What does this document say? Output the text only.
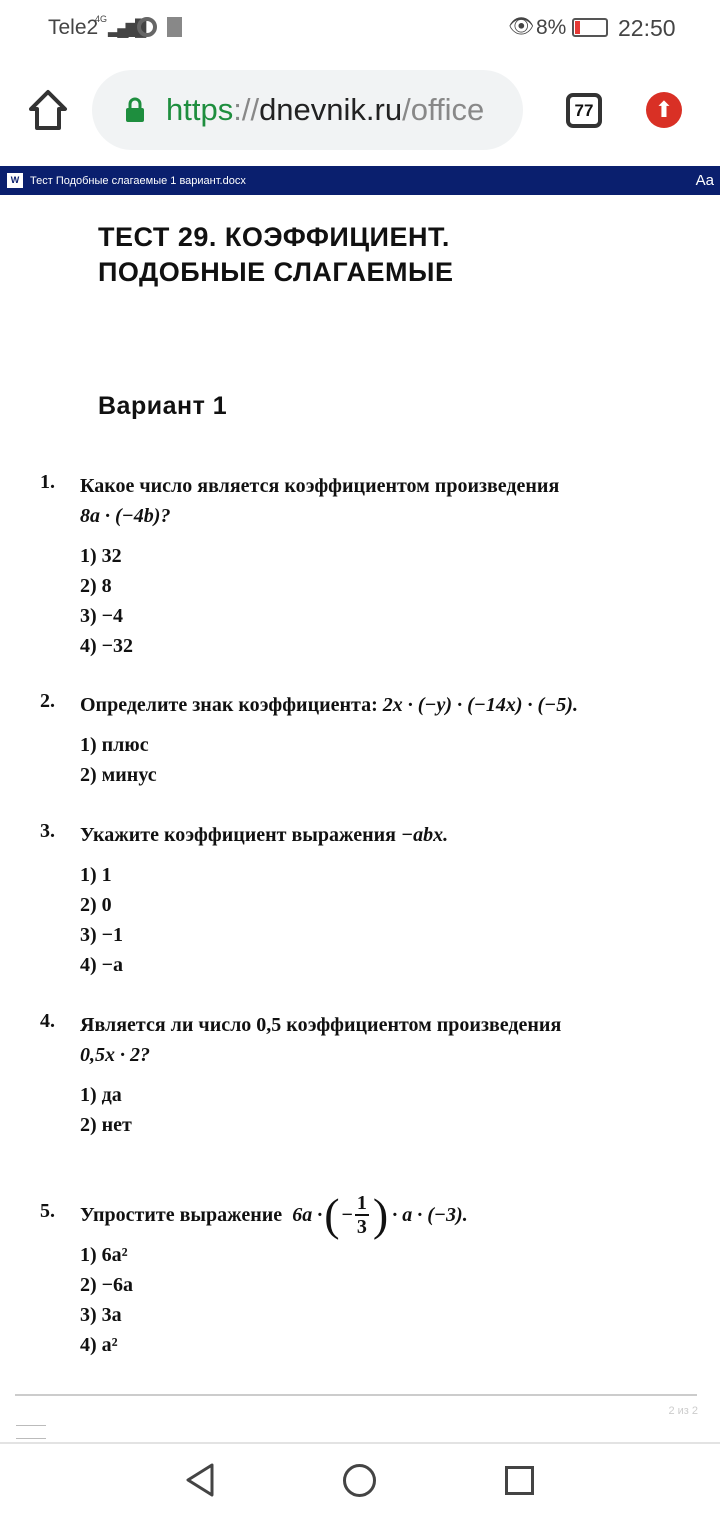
Tele2
4G
▂▄▆█	👁 8% 22:50
https :// dnevnik.ru /office	77	⬆
W Тест Подобные слагаемые 1 вариант.docx	Aa
ТЕСТ 29. КОЭФФИЦИЕНТ.
ПОДОБНЫЕ СЛАГАЕМЫЕ
Вариант 1
1. Какое число является коэффициентом произведения
8a · (−4b)?
1) 32
2) 8
3) −4
4) −32
2. Определите знак коэффициента: 2x · (−y) · (−14x) · (−5).
1) плюс
2) минус
3. Укажите коэффициент выражения −abx.
1) 1
2) 0
3) −1
4) −a
4. Является ли число 0,5 коэффициентом произведения
0,5x · 2?
1) да
2) нет
5. Упростите выражение 6a · ( − $\frac{1}{3}$ ) · a · (−3).
1) 6a²
2) −6a
3) 3a
4) a²
2 из 2
